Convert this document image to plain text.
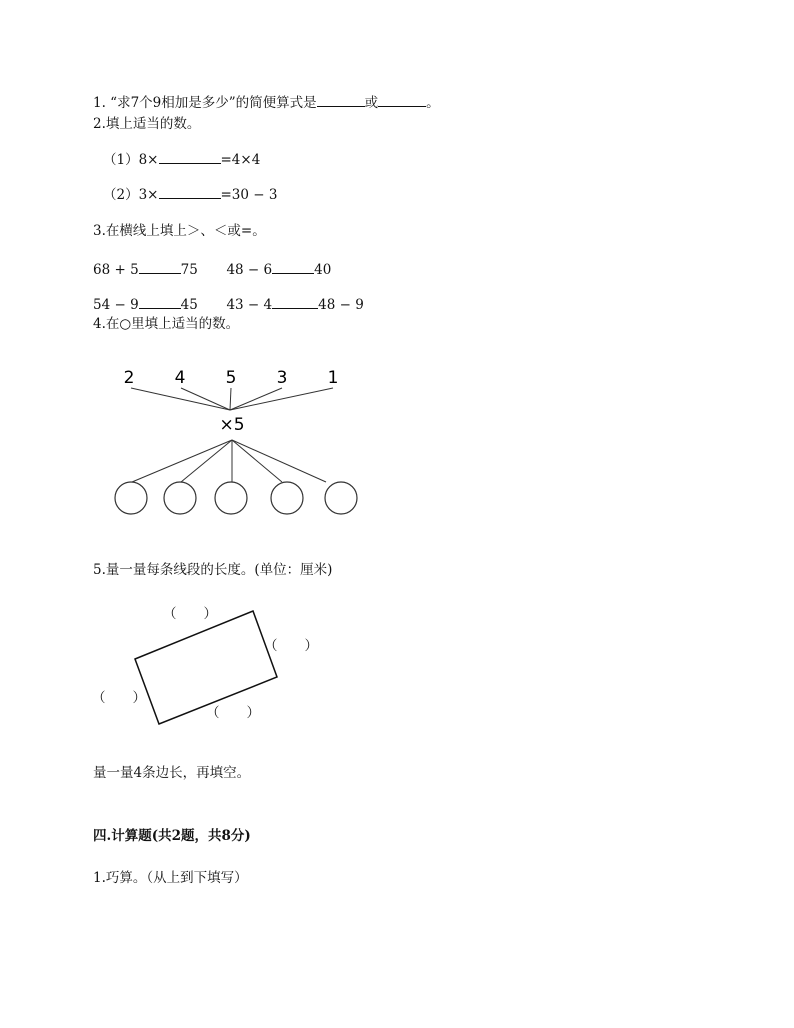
1. “求7个9相加是多少”的简便算式是	或	。
2.填上适当的数。
（1）8×	=4×4
（2）3×	=30 − 3
3.在横线上填上＞、＜或=。
68 + 5	75 48 − 6	40
54 − 9	45 43 − 4	48 − 9
4.在○里填上适当的数。
2 4 5 3 1
×5
5.量一量每条线段的长度。(单位：厘米)
（　　）
（　　）
（　　）
（　　）
量一量4条边长，再填空。
四.计算题(共2题，共8分)
1.巧算。（从上到下填写）
